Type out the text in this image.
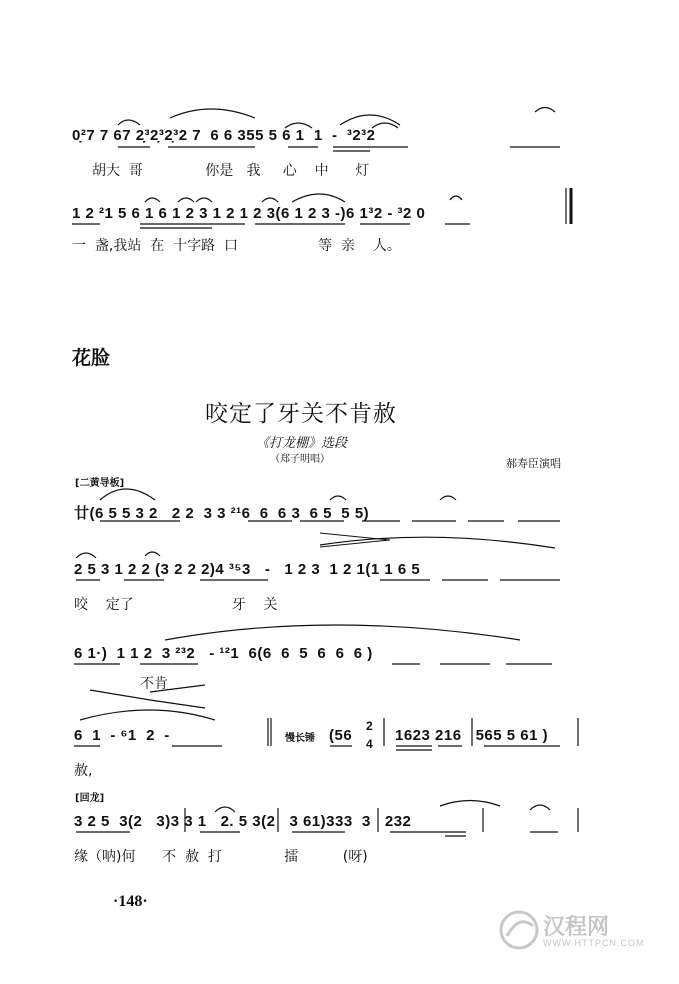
0̣²7 7 67 2̣³2̣³2̣³2 7  6 6 355 5 6 1  1  -  ³2³2
胡大  哥              你是   我     心    中      灯
1 2 ²1 5 6 1 6 1 2 3 1 2 1 2 3(6 1 2 3 -)6 1³2 - ³2 0
一  盏,我站  在  十字路  口                  等  亲    人。
花脸
咬定了牙关不肯赦
《打龙棚》选段
（郑子明唱）	郝寿臣演唱
[二黄导板]
廿(6 5 5 3 2   2 2  3 3 ²¹6  6  6 3  6 5  5 5)
2 5 3 1 2 2 (3 2 2 2)4 ³⁵3   -   1 2 3  1 2 1(1 1 6 5
咬    定了                      牙    关
6 1·)  1 1 2  3 ²³2   - ¹²1  6(6  6  5  6  6  6 )
不肯
6  1  - ⁶1  2  -	慢长锤 (56
2
4 1623 216   565 5 61 )
赦,
[回龙]
3 2 5  3(2   3)3 3 1   2. 5 3(2   3 61)333  3   232
缘（呐)何      不  赦  打              擂          (呀)
·148·

汉程网

WWW.HTTPCN.COM
